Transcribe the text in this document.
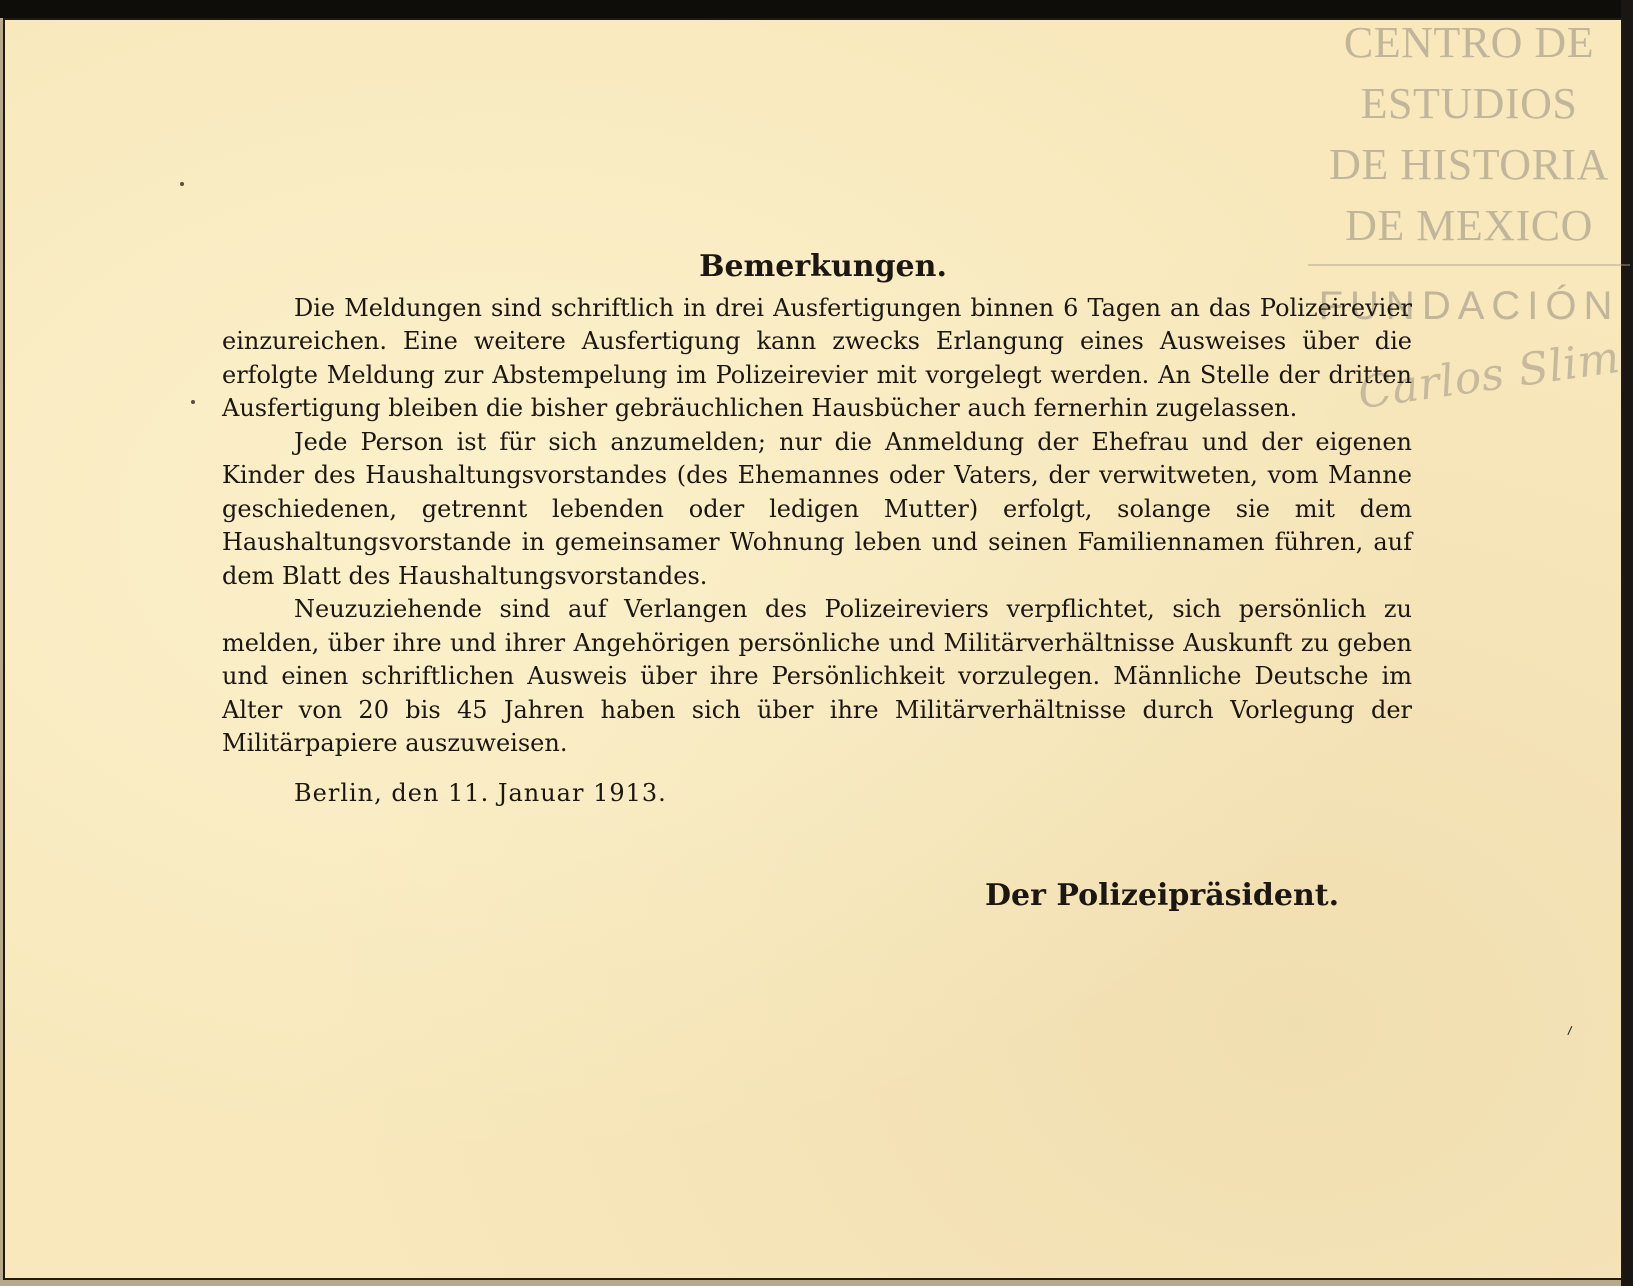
⸝
CENTRO DE
ESTUDIOS
DE HISTORIA
DE MEXICO
FUNDACIÓN
Carlos Slim
Bemerkungen.

Die Meldungen sind schriftlich in drei Ausfertigungen binnen 6 Tagen an das Polizeirevier einzureichen. Eine weitere Ausfertigung kann zwecks Erlangung eines Ausweises über die erfolgte Meldung zur Abstempelung im Polizeirevier mit vorgelegt werden. An Stelle der dritten Ausfertigung bleiben die bisher gebräuchlichen Hausbücher auch fernerhin zugelassen.

Jede Person ist für sich anzumelden; nur die Anmeldung der Ehefrau und der eigenen Kinder des Haushaltungsvorstandes (des Ehemannes oder Vaters, der verwitweten, vom Manne geschiedenen, getrennt lebenden oder ledigen Mutter) erfolgt, solange sie mit dem Haushaltungsvorstande in gemeinsamer Wohnung leben und seinen Familiennamen führen, auf dem Blatt des Haushaltungsvorstandes.

Neuzuziehende sind auf Verlangen des Polizeireviers verpflichtet, sich persönlich zu melden, über ihre und ihrer Angehörigen persönliche und Militärverhältnisse Auskunft zu geben und einen schriftlichen Ausweis über ihre Persönlichkeit vorzulegen. Männliche Deutsche im Alter von 20 bis 45 Jahren haben sich über ihre Militärverhältnisse durch Vorlegung der Militärpapiere auszuweisen.

Berlin, den 11. Januar 1913.
Der Polizeipräsident.
